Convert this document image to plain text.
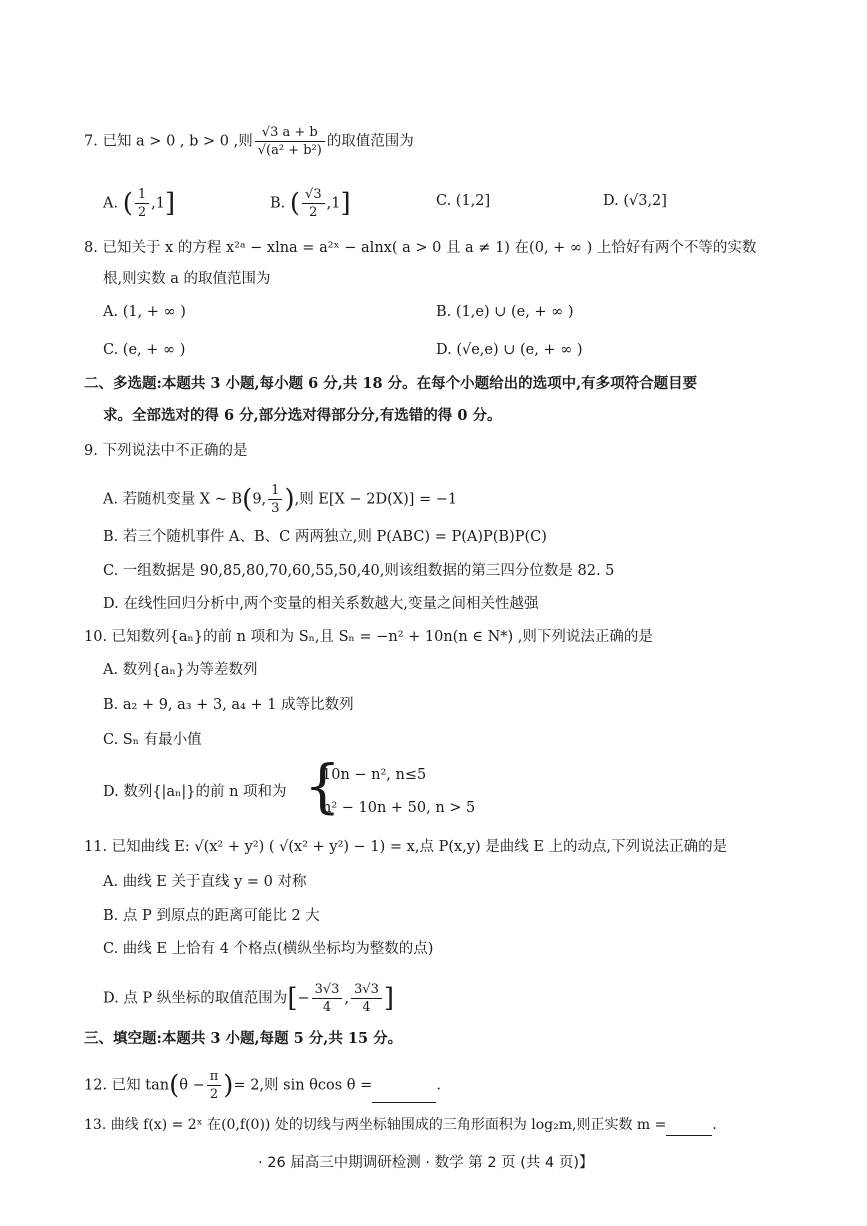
7. 已知 a > 0 , b > 0 ,则 $\frac{√3 a + b}{\text{√(a² + b²)}}$ 的取值范围为
A. ( $\frac{1}{2} ,1$]	B. ( $\frac{√3}{2} ,1$]	C. (1,2]	D. (√3,2]
8. 已知关于 x 的方程 x²ᵃ − xlna = a²ˣ − alnx( a > 0 且 a ≠ 1) 在(0, + ∞ ) 上恰好有两个不等的实数
根,则实数 a 的取值范围为
A. (1, + ∞ )	B. (1,e) ∪ (e, + ∞ )
C. (e, + ∞ )	D. (√e,e) ∪ (e, + ∞ )
二、多选题:本题共 3 小题,每小题 6 分,共 18 分。在每个小题给出的选项中,有多项符合题目要
求。全部选对的得 6 分,部分选对得部分分,有选错的得 0 分。
9. 下列说法中不正确的是
A. 若随机变量 X ~ B(9, $\frac{1}{3}$ ),则 E[X − 2D(X)] = −1
B. 若三个随机事件 A、B、C 两两独立,则 P(ABC) = P(A)P(B)P(C)
C. 一组数据是 90,85,80,70,60,55,50,40,则该组数据的第三四分位数是 82. 5
D. 在线性回归分析中,两个变量的相关系数越大,变量之间相关性越强
10. 已知数列{aₙ}的前 n 项和为 Sₙ,且 Sₙ = −n² + 10n(n ∈ N*) ,则下列说法正确的是
A. 数列{aₙ}为等差数列
B. a₂ + 9, a₃ + 3, a₄ + 1 成等比数列
C. Sₙ 有最小值
D. 数列{|aₙ|}的前 n 项和为 {
10n − n², n≤5
n² − 10n + 50, n > 5
11. 已知曲线 E: √(x² + y²) ( √(x² + y²) − 1) = x,点 P(x,y) 是曲线 E 上的动点,下列说法正确的是
A. 曲线 E 关于直线 y = 0 对称
B. 点 P 到原点的距离可能比 2 大
C. 曲线 E 上恰有 4 个格点(横纵坐标均为整数的点)
D. 点 P 纵坐标的取值范围为[− $\frac{3√3}{4}$ , $\frac{3√3}{4}$ ]
三、填空题:本题共 3 小题,每题 5 分,共 15 分。
12. 已知 $\tan(\theta - \frac{\pi}{2}$ )= 2,则 sin θcos θ =	.
13. 曲线 f(x) = 2ˣ 在(0,f(0)) 处的切线与两坐标轴围成的三角形面积为 log₂m,则正实数 m =	.
· 26 届高三中期调研检测 · 数学 第 2 页 (共 4 页)】
